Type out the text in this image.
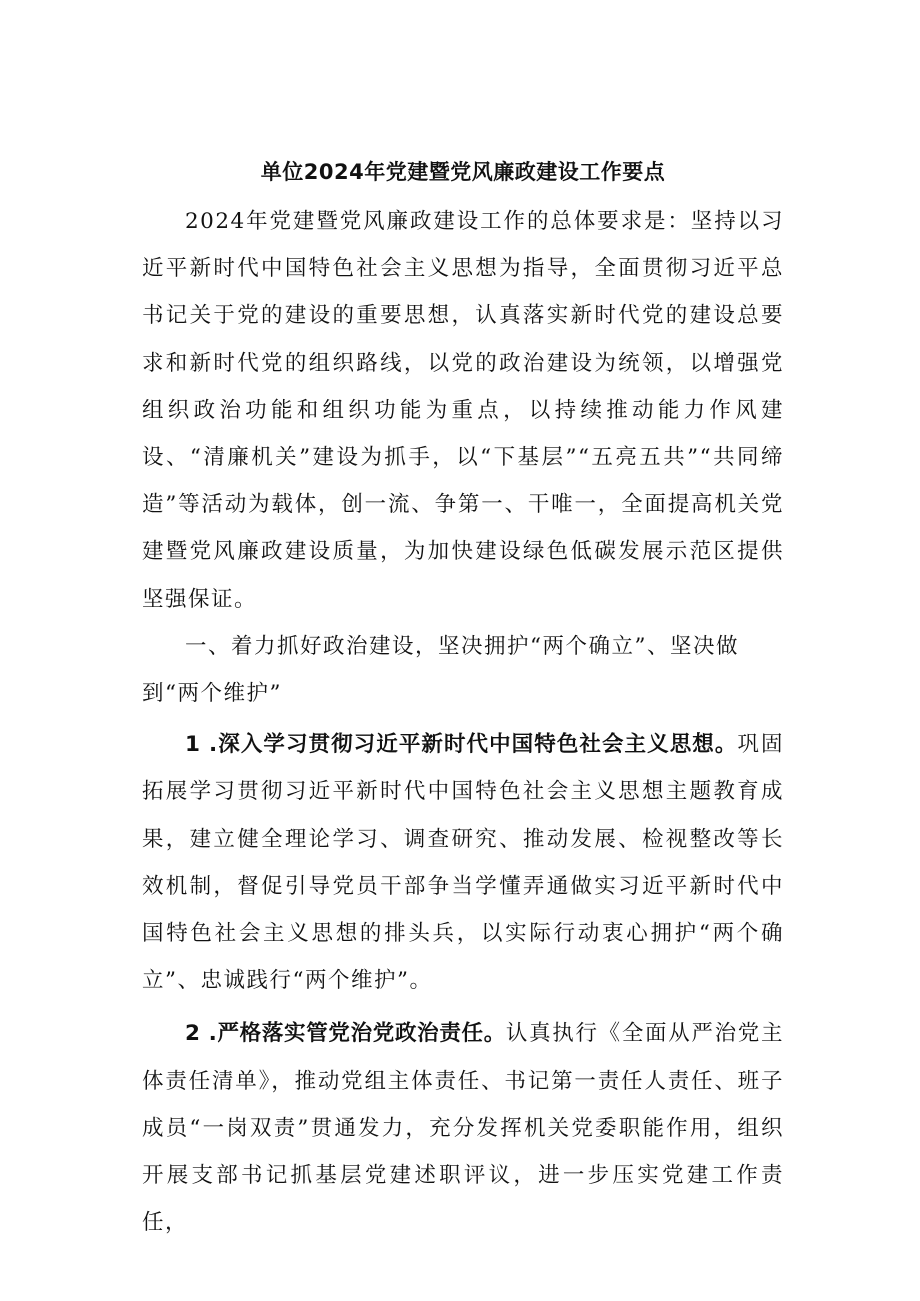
单位2024年党建暨党风廉政建设工作要点

2024年党建暨党风廉政建设工作的总体要求是：坚持以习近平新时代中国特色社会主义思想为指导，全面贯彻习近平总书记关于党的建设的重要思想，认真落实新时代党的建设总要求和新时代党的组织路线，以党的政治建设为统领，以增强党组织政治功能和组织功能为重点，以持续推动能力作风建设、“清廉机关”建设为抓手，以“下基层”“五亮五共”“共同缔造”等活动为载体，创一流、争第一、干唯一，全面提高机关党建暨党风廉政建设质量，为加快建设绿色低碳发展示范区提供坚强保证。

一、着力抓好政治建设，坚决拥护“两个确立”、坚决做到“两个维护”

1 .深入学习贯彻习近平新时代中国特色社会主义思想。巩固拓展学习贯彻习近平新时代中国特色社会主义思想主题教育成果，建立健全理论学习、调查研究、推动发展、检视整改等长效机制，督促引导党员干部争当学懂弄通做实习近平新时代中国特色社会主义思想的排头兵，以实际行动衷心拥护“两个确立”、忠诚践行“两个维护”。

2 .严格落实管党治党政治责任。认真执行《全面从严治党主体责任清单》，推动党组主体责任、书记第一责任人责任、班子成员“一岗双责”贯通发力，充分发挥机关党委职能作用，组织开展支部书记抓基层党建述职评议，进一步压实党建工作责任，
